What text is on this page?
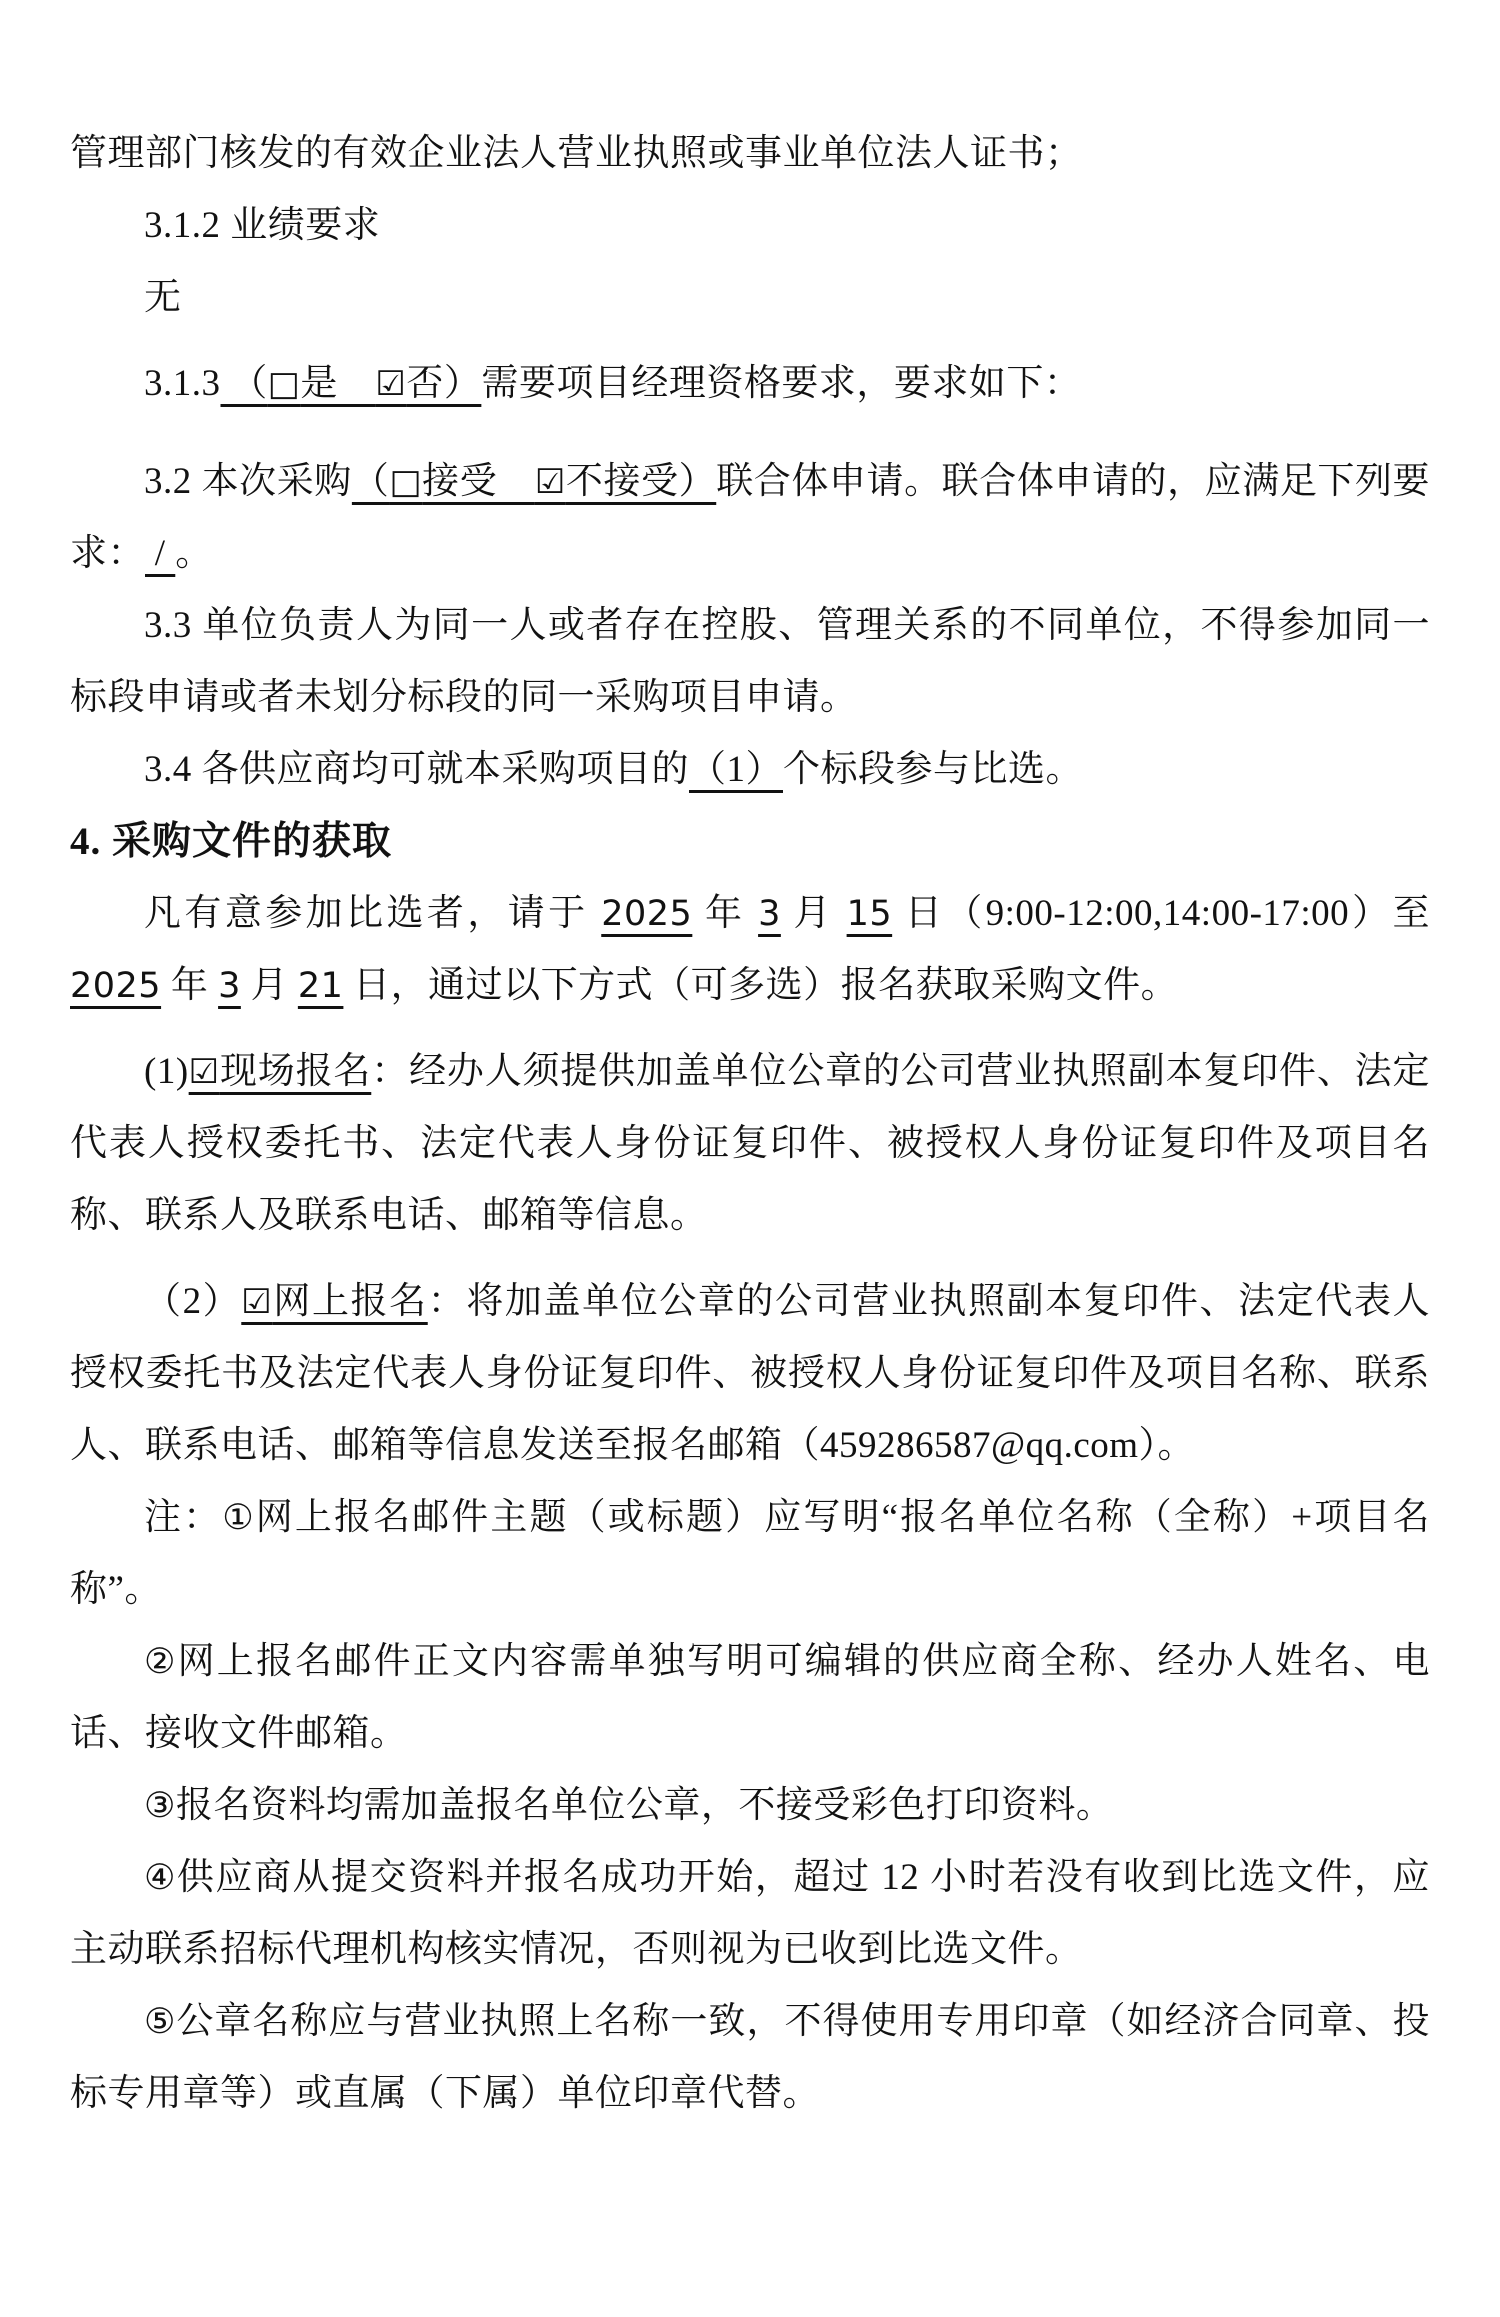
管理部门核发的有效企业法人营业执照或事业单位法人证书；

3.1.2 业绩要求

无

3.1.3 （□是　☑否）需要项目经理资格要求，要求如下：

3.2 本次采购（□接受　☑不接受）联合体申请。联合体申请的，应满足下列要求： / 。

3.3 单位负责人为同一人或者存在控股、管理关系的不同单位，不得参加同一标段申请或者未划分标段的同一采购项目申请。

3.4 各供应商均可就本采购项目的（1）个标段参与比选。

4. 采购文件的获取

凡有意参加比选者，请于 2025 年 3 月 15 日（9:00-12:00,14:00-17:00）至 2025 年 3 月 21 日，通过以下方式（可多选）报名获取采购文件。

(1)☑现场报名：经办人须提供加盖单位公章的公司营业执照副本复印件、法定代表人授权委托书、法定代表人身份证复印件、被授权人身份证复印件及项目名称、联系人及联系电话、邮箱等信息。

（2）☑网上报名：将加盖单位公章的公司营业执照副本复印件、法定代表人授权委托书及法定代表人身份证复印件、被授权人身份证复印件及项目名称、联系人、联系电话、邮箱等信息发送至报名邮箱（459286587@qq.com）。

注：①网上报名邮件主题（或标题）应写明“报名单位名称（全称）+项目名称”。

②网上报名邮件正文内容需单独写明可编辑的供应商全称、经办人姓名、电话、接收文件邮箱。

③报名资料均需加盖报名单位公章，不接受彩色打印资料。

④供应商从提交资料并报名成功开始，超过 12 小时若没有收到比选文件，应主动联系招标代理机构核实情况，否则视为已收到比选文件。

⑤公章名称应与营业执照上名称一致，不得使用专用印章（如经济合同章、投标专用章等）或直属（下属）单位印章代替。
